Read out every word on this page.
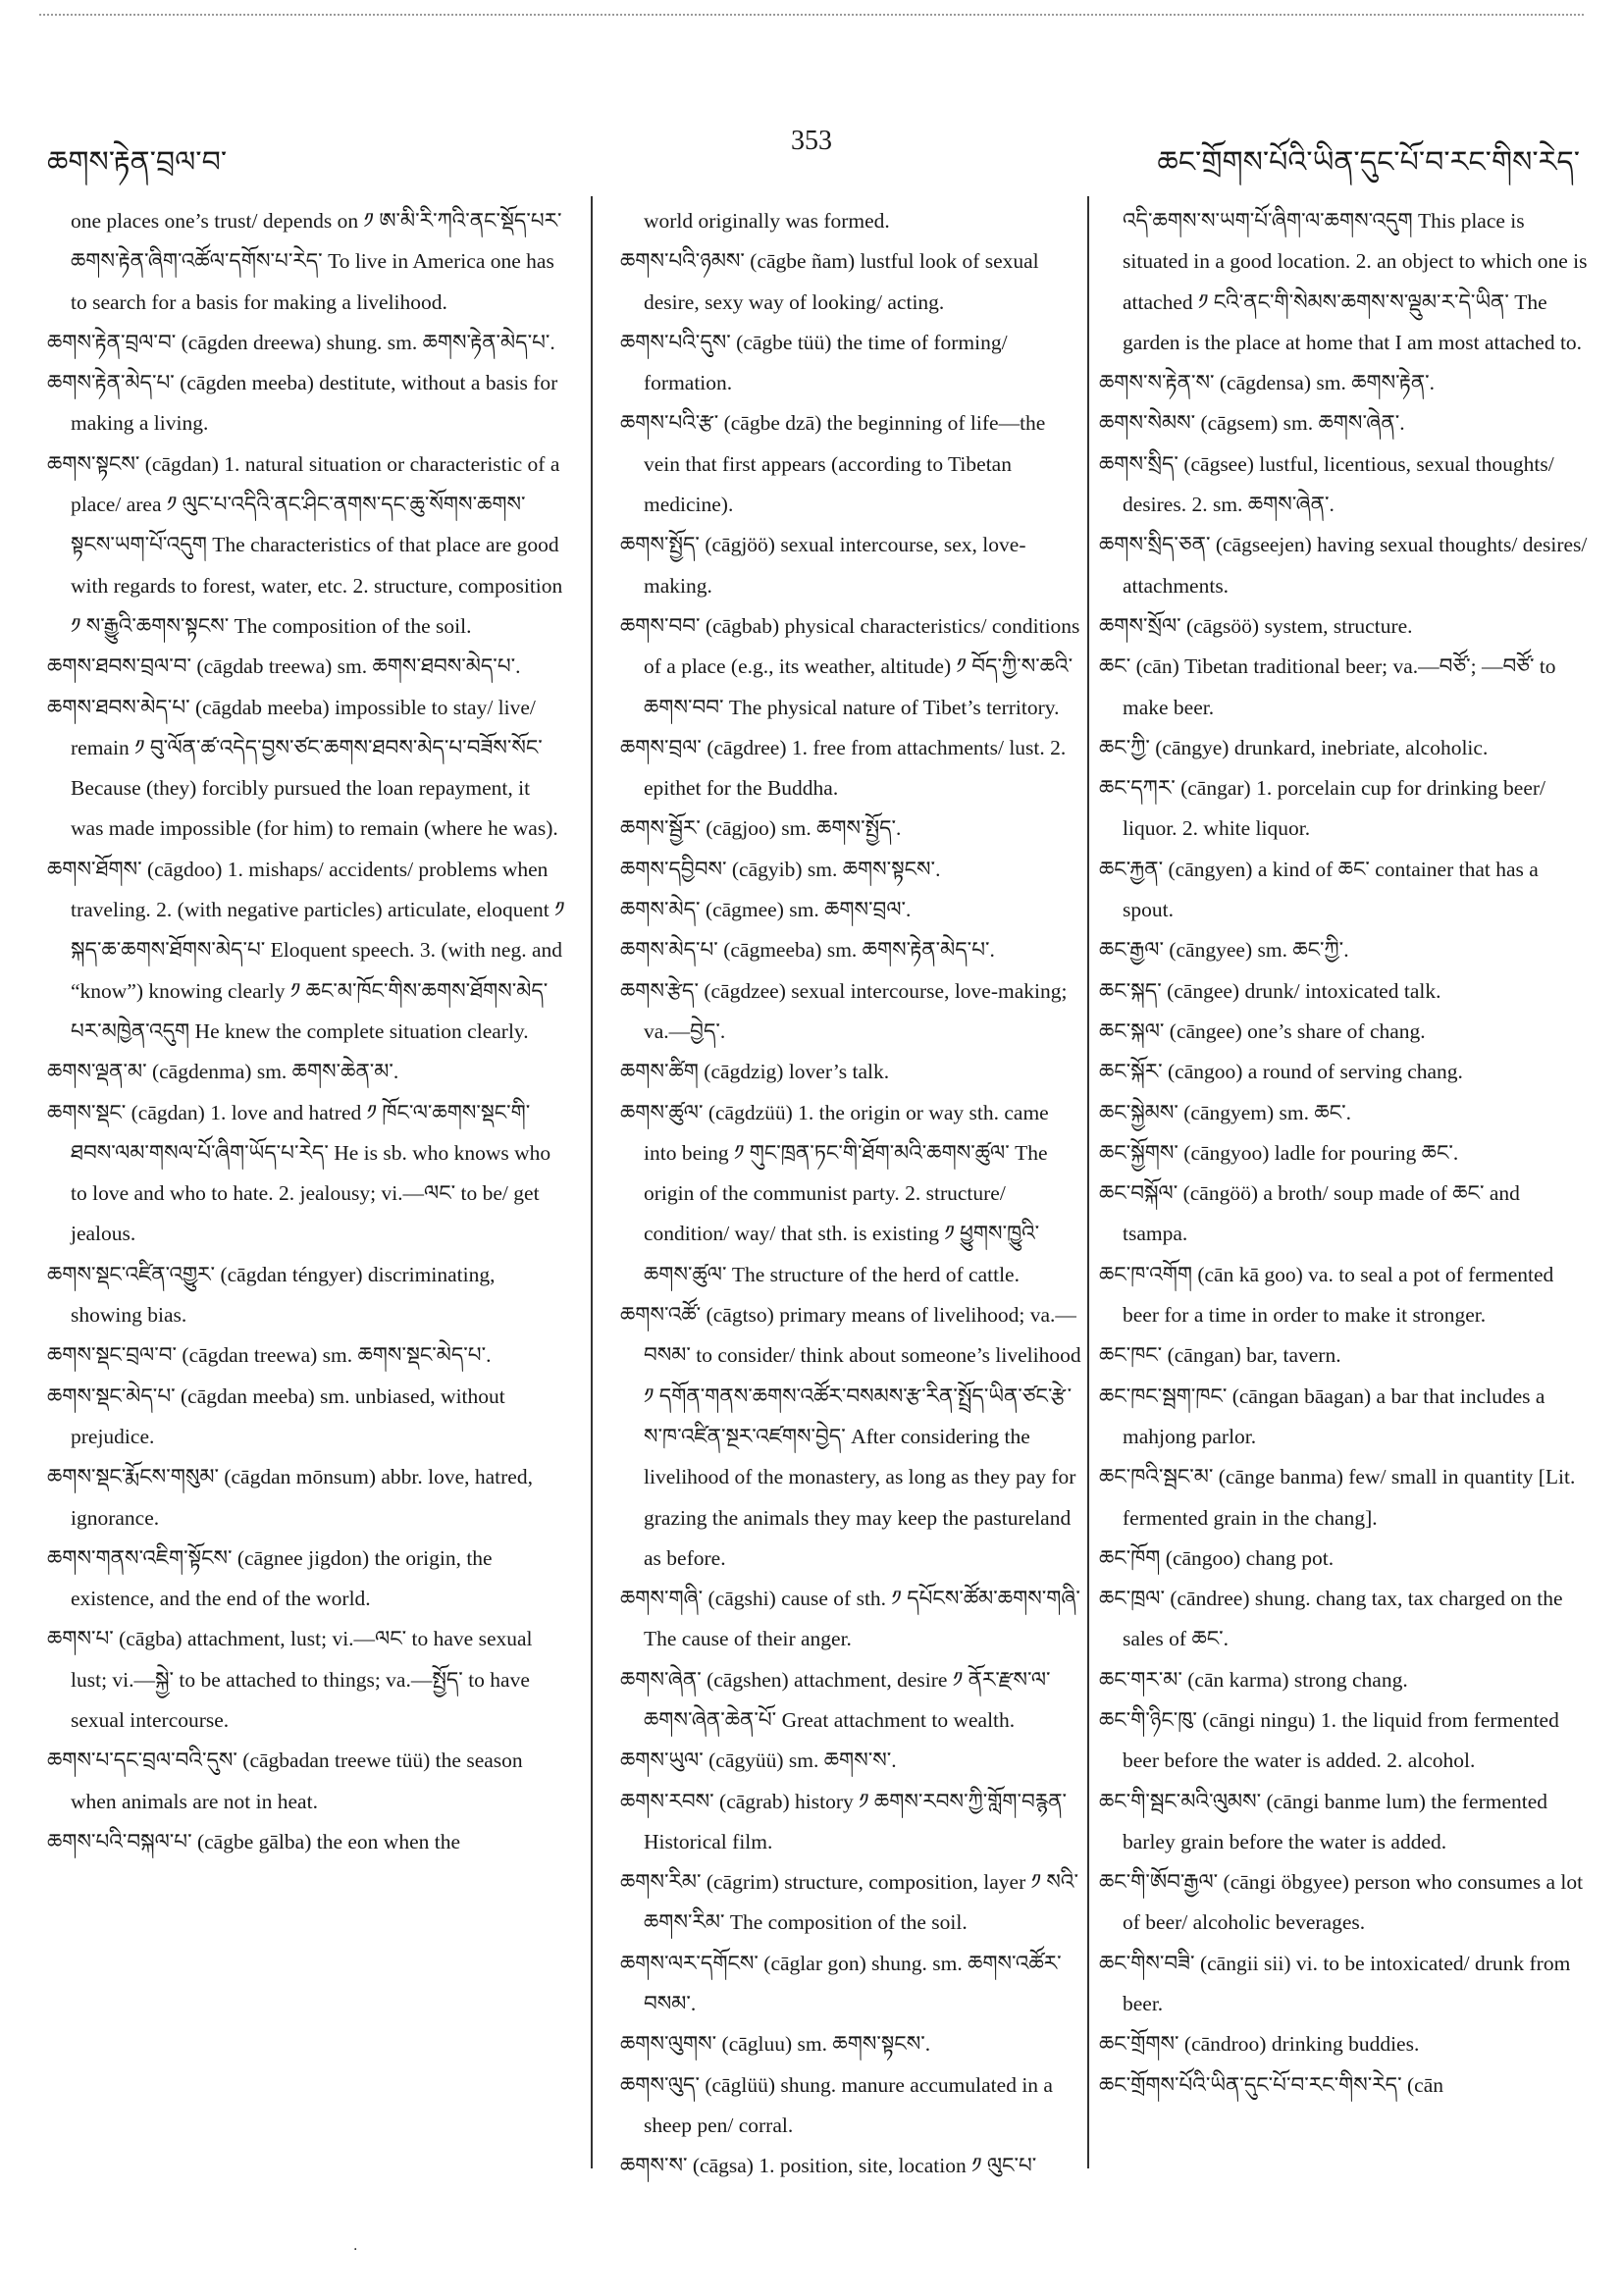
ཆགས་རྟེན་བྲལ་བ་
353
ཆང་གྲོགས་པོའི་ཡིན་དུང་པོ་བ་རང་གིས་རེད་

one places one’s trust/ depends on ༡ ཨ་མི་རི་ཀའི་ནང་སྡོད་པར་ཆགས་རྟེན་ཞིག་འཚོལ་དགོས་པ་རེད་ To live in America one has to search for a basis for making a livelihood.

ཆགས་རྟེན་བྲལ་བ་ (cāgden dreewa) shung. sm. ཆགས་རྟེན་མེད་པ་.

ཆགས་རྟེན་མེད་པ་ (cāgden meeba) destitute, without a basis for making a living.

ཆགས་སྟངས་ (cāgdan) 1. natural situation or characteristic of a place/ area ༡ ལུང་པ་འདིའི་ནང་ཤིང་ནགས་དང་ཆུ་སོགས་ཆགས་སྟངས་ཡག་པོ་འདུག The characteristics of that place are good with regards to forest, water, etc. 2. structure, composition ༡ ས་རྒྱུའི་ཆགས་སྟངས་ The composition of the soil.

ཆགས་ཐབས་བྲལ་བ་ (cāgdab treewa) sm. ཆགས་ཐབས་མེད་པ་.

ཆགས་ཐབས་མེད་པ་ (cāgdab meeba) impossible to stay/ live/ remain ༡ བུ་ལོན་ཚ་འདེད་བྱས་ཙང་ཆགས་ཐབས་མེད་པ་བཟོས་སོང་ Because (they) forcibly pursued the loan repayment, it was made impossible (for him) to remain (where he was).

ཆགས་ཐོགས་ (cāgdoo) 1. mishaps/ accidents/ problems when traveling. 2. (with negative particles) articulate, eloquent ༡ སྐད་ཆ་ཆགས་ཐོགས་མེད་པ་ Eloquent speech. 3. (with neg. and “know”) knowing clearly ༡ ཆང་མ་ཁོང་གིས་ཆགས་ཐོགས་མེད་པར་མཁྱེན་འདུག He knew the complete situation clearly.

ཆགས་ལྡན་མ་ (cāgdenma) sm. ཆགས་ཆེན་མ་.

ཆགས་སྡང་ (cāgdan) 1. love and hatred ༡ ཁོང་ལ་ཆགས་སྡང་གི་ཐབས་ལམ་གསལ་པོ་ཞིག་ཡོད་པ་རེད་ He is sb. who knows who to love and who to hate. 2. jealousy; vi.—ལང་ to be/ get jealous.

ཆགས་སྡང་འཛིན་འགྱུར་ (cāgdan téngyer) discriminating, showing bias.

ཆགས་སྡང་བྲལ་བ་ (cāgdan treewa) sm. ཆགས་སྡང་མེད་པ་.

ཆགས་སྡང་མེད་པ་ (cāgdan meeba) sm. unbiased, without prejudice.

ཆགས་སྡང་རྨོངས་གསུམ་ (cāgdan mōnsum) abbr. love, hatred, ignorance.

ཆགས་གནས་འཇིག་སྟོངས་ (cāgnee jigdon) the origin, the existence, and the end of the world.

ཆགས་པ་ (cāgba) attachment, lust; vi.—ལང་ to have sexual lust; vi.—སྐྱེ་ to be attached to things; va.—སྤྱོད་ to have sexual intercourse.

ཆགས་པ་དང་བྲལ་བའི་དུས་ (cāgbadan treewe tüü) the season when animals are not in heat.

ཆགས་པའི་བསྐལ་པ་ (cāgbe gālba) the eon when the

world originally was formed.

ཆགས་པའི་ཉམས་ (cāgbe ñam) lustful look of sexual desire, sexy way of looking/ acting.

ཆགས་པའི་དུས་ (cāgbe tüü) the time of forming/ formation.

ཆགས་པའི་རྩ་ (cāgbe dzā) the beginning of life—the vein that first appears (according to Tibetan medicine).

ཆགས་སྤྱོད་ (cāgjöö) sexual intercourse, sex, love-making.

ཆགས་བབ་ (cāgbab) physical characteristics/ conditions of a place (e.g., its weather, altitude) ༡ བོད་ཀྱི་ས་ཆའི་ཆགས་བབ་ The physical nature of Tibet’s territory.

ཆགས་བྲལ་ (cāgdree) 1. free from attachments/ lust. 2. epithet for the Buddha.

ཆགས་སྦྱོར་ (cāgjoo) sm. ཆགས་སྤྱོད་.

ཆགས་དབྱིབས་ (cāgyib) sm. ཆགས་སྟངས་.

ཆགས་མེད་ (cāgmee) sm. ཆགས་བྲལ་.

ཆགས་མེད་པ་ (cāgmeeba) sm. ཆགས་རྟེན་མེད་པ་.

ཆགས་རྩེད་ (cāgdzee) sexual intercourse, love-making; va.—བྱེད་.

ཆགས་ཚིག (cāgdzig) lover’s talk.

ཆགས་ཚུལ་ (cāgdzüü) 1. the origin or way sth. came into being ༡ གུང་ཁྲན་ཏང་གི་ཐོག་མའི་ཆགས་ཚུལ་ The origin of the communist party. 2. structure/ condition/ way/ that sth. is existing ༡ ཕྱུགས་ཁྱུའི་ཆགས་ཚུལ་ The structure of the herd of cattle.

ཆགས་འཚོ་ (cāgtso) primary means of livelihood; va.—བསམ་ to consider/ think about someone’s livelihood ༡ དགོན་གནས་ཆགས་འཚོར་བསམས་རྩ་རིན་སྤྲོད་ཡིན་ཙང་རྩེ་ས་ཁ་འཛིན་སྔར་འཛགས་བྱེད་ After considering the livelihood of the monastery, as long as they pay for grazing the animals they may keep the pastureland as before.

ཆགས་གཞི་ (cāgshi) cause of sth. ༡ དཔོངས་ཚོམ་ཆགས་གཞི་ The cause of their anger.

ཆགས་ཞེན་ (cāgshen) attachment, desire ༡ ནོར་རྫས་ལ་ཆགས་ཞེན་ཆེན་པོ་ Great attachment to wealth.

ཆགས་ཡུལ་ (cāgyüü) sm. ཆགས་ས་.

ཆགས་རབས་ (cāgrab) history ༡ ཆགས་རབས་ཀྱི་གློག་བརྙན་ Historical film.

ཆགས་རིམ་ (cāgrim) structure, composition, layer ༡ སའི་ཆགས་རིམ་ The composition of the soil.

ཆགས་ལར་དགོངས་ (cāglar gon) shung. sm. ཆགས་འཚོར་བསམ་.

ཆགས་ལུགས་ (cāgluu) sm. ཆགས་སྟངས་.

ཆགས་ལུད་ (cāglüü) shung. manure accumulated in a sheep pen/ corral.

ཆགས་ས་ (cāgsa) 1. position, site, location ༡ ལུང་པ་

འདི་ཆགས་ས་ཡག་པོ་ཞིག་ལ་ཆགས་འདུག This place is situated in a good location. 2. an object to which one is attached ༡ ངའི་ནང་གི་སེམས་ཆགས་ས་ལྡུམ་ར་དེ་ཡིན་ The garden is the place at home that I am most attached to.

ཆགས་ས་རྟེན་ས་ (cāgdensa) sm. ཆགས་རྟེན་.

ཆགས་སེམས་ (cāgsem) sm. ཆགས་ཞེན་.

ཆགས་སྲིད་ (cāgsee) lustful, licentious, sexual thoughts/ desires. 2. sm. ཆགས་ཞེན་.

ཆགས་སྲིད་ཅན་ (cāgseejen) having sexual thoughts/ desires/ attachments.

ཆགས་སྲོལ་ (cāgsöö) system, structure.

ཆང་ (cān) Tibetan traditional beer; va.—བཙོ་; —བཙོ་ to make beer.

ཆང་ཀྱི་ (cāngye) drunkard, inebriate, alcoholic.

ཆང་དཀར་ (cāngar) 1. porcelain cup for drinking beer/ liquor. 2. white liquor.

ཆང་རྐྱན་ (cāngyen) a kind of ཆང་ container that has a spout.

ཆང་རྒྱལ་ (cāngyee) sm. ཆང་ཀྱི་.

ཆང་སྐད་ (cāngee) drunk/ intoxicated talk.

ཆང་སྐལ་ (cāngee) one’s share of chang.

ཆང་སྐོར་ (cāngoo) a round of serving chang.

ཆང་སྐྱེམས་ (cāngyem) sm. ཆང་.

ཆང་སྐྱོགས་ (cāngyoo) ladle for pouring ཆང་.

ཆང་བསྐོལ་ (cāngöö) a broth/ soup made of ཆང་ and tsampa.

ཆང་ཁ་འགོག (cān kā goo) va. to seal a pot of fermented beer for a time in order to make it stronger.

ཆང་ཁང་ (cāngan) bar, tavern.

ཆང་ཁང་སྦག་ཁང་ (cāngan bāagan) a bar that includes a mahjong parlor.

ཆང་ཁའི་སྦང་མ་ (cānge banma) few/ small in quantity [Lit. fermented grain in the chang].

ཆང་ཁོག (cāngoo) chang pot.

ཆང་ཁྲལ་ (cāndree) shung. chang tax, tax charged on the sales of ཆང་.

ཆང་གར་མ་ (cān karma) strong chang.

ཆང་གི་ཉིང་ཁུ་ (cāngi ningu) 1. the liquid from fermented beer before the water is added. 2. alcohol.

ཆང་གི་སྦང་མའི་ལུམས་ (cāngi banme lum) the fermented barley grain before the water is added.

ཆང་གི་ཨོབ་རྒྱལ་ (cāngi öbgyee) person who consumes a lot of beer/ alcoholic beverages.

ཆང་གིས་བཟི་ (cāngii sii) vi. to be intoxicated/ drunk from beer.

ཆང་གྲོགས་ (cāndroo) drinking buddies.

ཆང་གྲོགས་པོའི་ཡིན་དུང་པོ་བ་རང་གིས་རེད་ (cān

·
